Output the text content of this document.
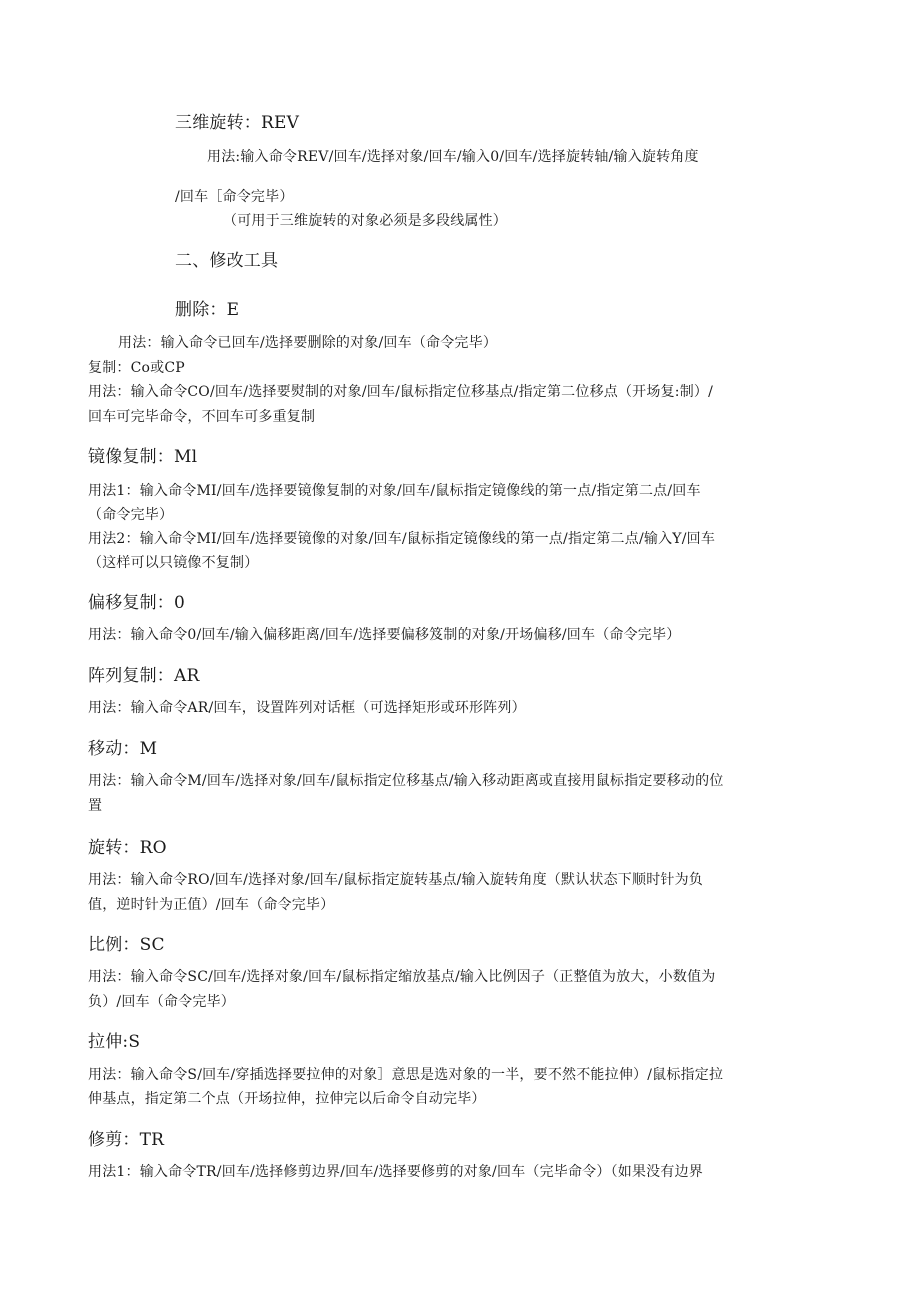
三维旋转：REV
用法:输入命令REV/回车/选择对象/回车/输入0/回车/选择旋转轴/输入旋转角度
/回车［命令完毕）
（可用于三维旋转的对象必须是多段线属性）
二、修改工具
删除：E
用法：输入命令已回车/选择要删除的对象/回车（命令完毕）
复制：Co或CP
用法：输入命令CO/回车/选择要熨制的对象/回车/鼠标指定位移基点/指定第二位移点（开场复:制）/
回车可完毕命令，不回车可多重复制
镜像复制：Ml
用法1：输入命令MI/回车/选择要镜像复制的对象/回车/鼠标指定镜像线的第一点/指定第二点/回车
（命令完毕）
用法2：输入命令MI/回车/选择要镜像的对象/回车/鼠标指定镜像线的第一点/指定第二点/输入Y/回车
（这样可以只镜像不复制）
偏移复制：0
用法：输入命令0/回车/输入偏移距离/回车/选择要偏移笈制的对象/开场偏移/回车（命令完毕）
阵列复制：AR
用法：输入命令AR/回车，设置阵列对话框（可选择矩形或环形阵列）
移动：M
用法：输入命令M/回车/选择对象/回车/鼠标指定位移基点/输入移动距离或直接用鼠标指定要移动的位
置
旋转：RO
用法：输入命令RO/回车/选择对象/回车/鼠标指定旋转基点/输入旋转角度（默认状态下顺时针为负
值，逆时针为正值）/回车（命令完毕）
比例：SC
用法：输入命令SC/回车/选择对象/回车/鼠标指定缩放基点/输入比例因子（正整值为放大，小数值为
负）/回车（命令完毕）
拉伸:S
用法：输入命令S/回车/穿插选择要拉伸的对象］意思是选对象的一半，要不然不能拉伸）/鼠标指定拉
伸基点，指定第二个点（开场拉伸，拉伸完以后命令自动完毕）
修剪：TR
用法1：输入命令TR/回车/选择修剪边界/回车/选择要修剪的对象/回车（完毕命令）（如果没有边界
